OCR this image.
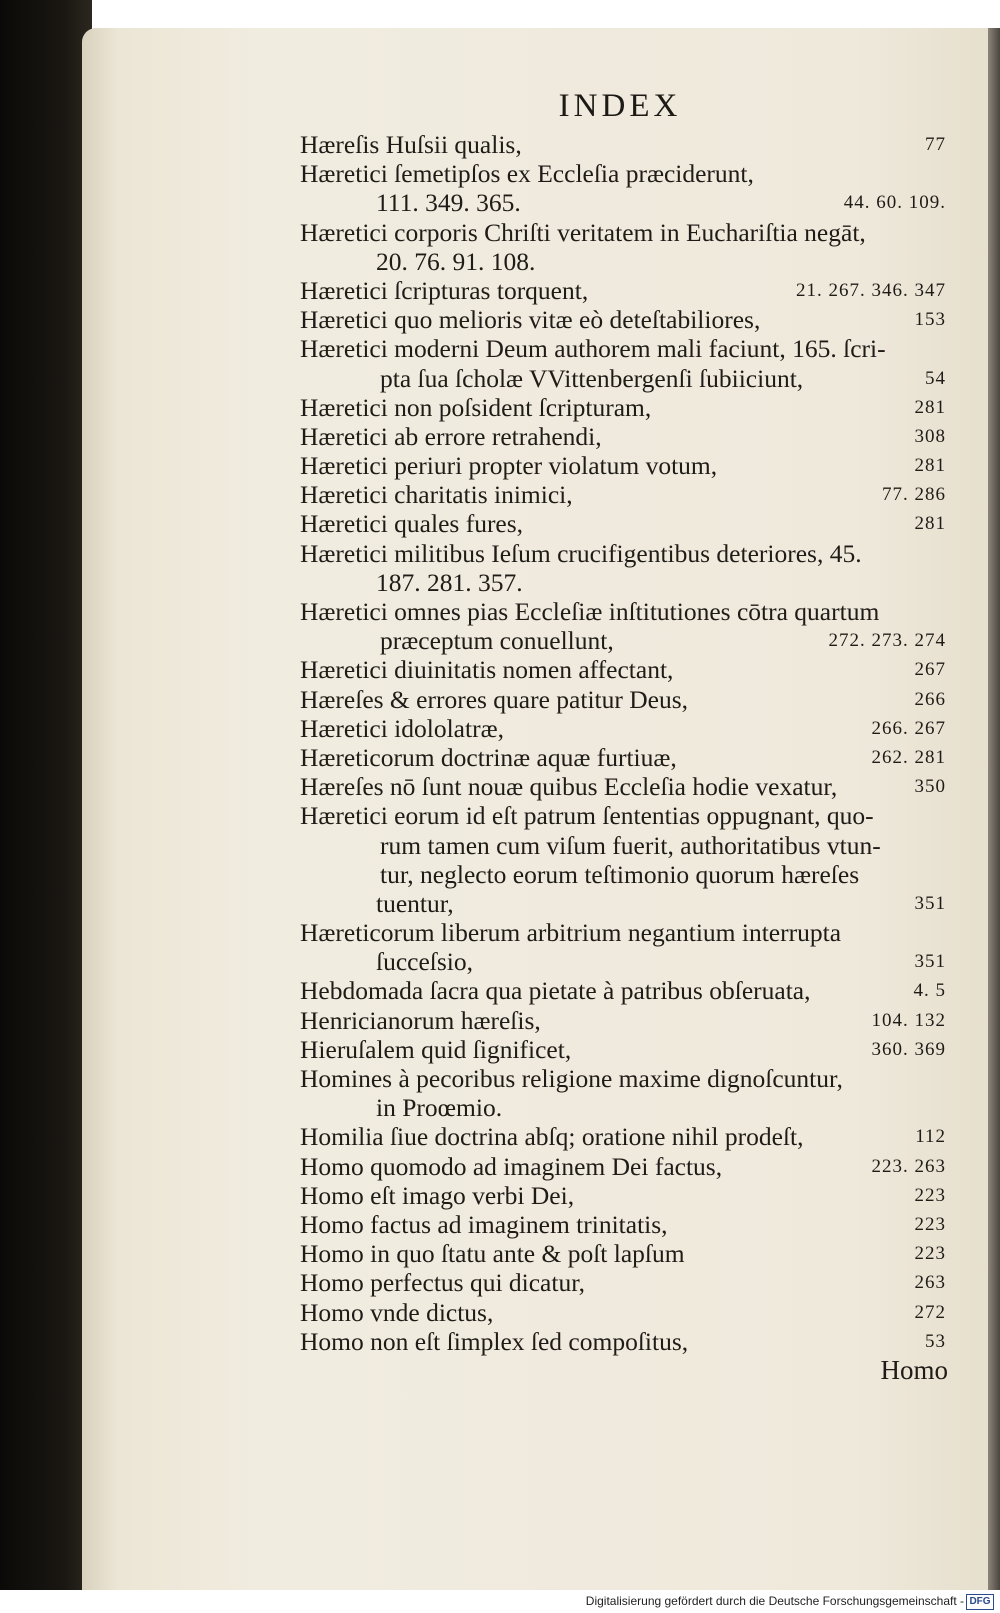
INDEX
Hæreſis Huſsii qualis,	77
Hæretici ſemetipſos ex Eccleſia præciderunt,
111. 349. 365.	44. 60. 109.
Hæretici corporis Chriſti veritatem in Euchariſtia negāt,
20. 76. 91. 108.
Hæretici ſcripturas torquent,	21. 267. 346. 347
Hæretici quo melioris vitæ eò deteſtabiliores,	153
Hæretici moderni Deum authorem mali faciunt, 165. ſcri-
pta ſua ſcholæ VVittenbergenſi ſubiiciunt,	54
Hæretici non poſsident ſcripturam,	281
Hæretici ab errore retrahendi,	308
Hæretici periuri propter violatum votum,	281
Hæretici charitatis inimici,	77. 286
Hæretici quales fures,	281
Hæretici militibus Ieſum crucifigentibus deteriores, 45.
187. 281. 357.
Hæretici omnes pias Eccleſiæ inſtitutiones cōtra quartum
præceptum conuellunt,	272. 273. 274
Hæretici diuinitatis nomen affectant,	267
Hæreſes & errores quare patitur Deus,	266
Hæretici idololatræ,	266. 267
Hæreticorum doctrinæ aquæ furtiuæ,	262. 281
Hæreſes nō ſunt nouæ quibus Eccleſia hodie vexatur,	350
Hæretici eorum id eſt patrum ſententias oppugnant, quo-
rum tamen cum viſum fuerit, authoritatibus vtun-
tur, neglecto eorum teſtimonio quorum hæreſes
tuentur,	351
Hæreticorum liberum arbitrium negantium interrupta
ſucceſsio,	351
Hebdomada ſacra qua pietate à patribus obſeruata,	4. 5
Henricianorum hæreſis,	104. 132
Hieruſalem quid ſignificet,	360. 369
Homines à pecoribus religione maxime dignoſcuntur,
in Proœmio.
Homilia ſiue doctrina abſq; oratione nihil prodeſt,	112
Homo quomodo ad imaginem Dei factus,	223. 263
Homo eſt imago verbi Dei,	223
Homo factus ad imaginem trinitatis,	223
Homo in quo ſtatu ante & poſt lapſum	223
Homo perfectus qui dicatur,	263
Homo vnde dictus,	272
Homo non eſt ſimplex ſed compoſitus,	53
Homo
Digitalisierung gefördert durch die Deutsche Forschungsgemeinschaft - DFG
